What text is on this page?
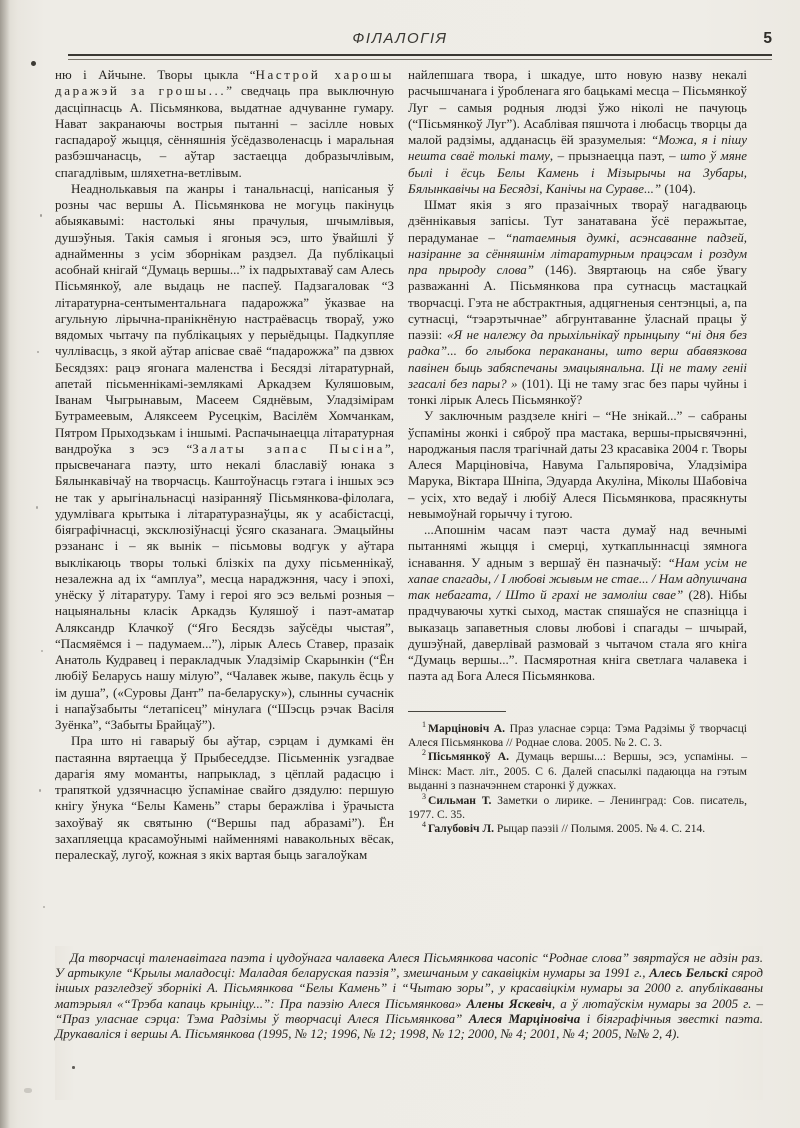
ФІЛАЛОГІЯ	5

ню і Айчыне. Творы цыкла “Настрой харошы даражэй за грошы...” сведчаць пра выключную дасціпнасць А. Пісьмянкова, выдатнае адчуванне гумару. Нават закранаючы вострыя пытанні – засілле новых гаспадароў жыцця, сённяшнія ўсёдазволенасць і маральная разбэшчанасць, – аўтар застаецца добразычлівым, спагадлівым, шляхетна-ветлівым.

Неаднолькавыя па жанры і танальнасці, напісаныя ў розны час вершы А. Пісьмянкова не могуць пакінуць абыякавымі: настолькі яны прачулыя, шчымлівыя, душэўныя. Такія самыя і ягоныя эсэ, што ўвайшлі ў аднайменны з усім зборнікам раздзел. Да публікацыі асобнай кнігай “Думаць вершы...” іх падрыхтаваў сам Алесь Пісьмянкоў, але выдаць не паспеў. Падзагаловак “З літаратурна-сентыментальнага падарожжа” ўказвае на агульную лірычна-пранікнёную настраёвасць твораў, ужо вядомых чытачу па публікацыях у перыёдыцы. Падкупляе чуллівасць, з якой аўтар апісвае сваё “падарожжа” па дзвюх Бесядзях: рацэ ягонага маленства і Бесядзі літаратурнай, апетай пісьменнікамі-землякамі Аркадзем Куляшовым, Іванам Чыгрынавым, Масеем Сяднёвым, Уладзімірам Бутрамеевым, Аляксеем Русецкім, Васілём Хомчанкам, Пятром Прыходзькам і іншымі. Распачынаецца літаратурная вандроўка з эсэ “Залаты запас Пысіна”, прысвечанага паэту, што некалі блаславіў юнака з Бялынкавічаў на творчасць. Каштоўнасць гэтага і іншых эсэ не так у арыгінальнасці назіранняў Пісьмянкова-філолага, удумлівага крытыка і літаратуразнаўцы, як у асабістасці, біяграфічнасці, эксклюзіўнасці ўсяго сказанага. Эмацыйны рэзананс і – як вынік – пісьмовы водгук у аўтара выклікаюць творы толькі блізкіх па духу пісьменнікаў, незалежна ад іх “амплуа”, месца нараджэння, часу і эпохі, унёску ў літаратуру. Таму і героі яго эсэ вельмі розныя – нацыянальны класік Аркадзь Куляшоў і паэт-аматар Аляксандр Клачкоў (“Яго Бесядзь заўсёды чыстая”, “Пасмяёмся і – падумаем...”), лірык Алесь Ставер, празаік Анатоль Кудравец і перакладчык Уладзімір Скарынкін (“Ён любіў Беларусь нашу мілую”, “Чалавек жыве, пакуль ёсць у ім душа”, («Суровы Дант” па-беларуску»), слынны сучаснік і напаўзабыты “летапісец” мінулага (“Шэсць рэчак Васіля Зуёнка”, “Забыты Брайцаў”).

Пра што ні гаварыў бы аўтар, сэрцам і думкамі ён пастаянна вяртаецца ў Прыбеседдзе. Пісьменнік узгадвае дарагія яму моманты, напрыклад, з цёплай радасцю і трапяткой удзячнасцю ўспамінае свайго дзядулю: першую кнігу ўнука “Белы Камень” стары беражліва і ўрачыста захоўваў як святыню (“Вершы пад абразамі”). Ён захапляецца красамоўнымі найменнямі навакольных вёсак, пералескаў, лугоў, кожная з якіх вартая быць загалоўкам

найлепшага твора, і шкадуе, што новую назву некалі расчышчанага і ўробленага яго бацькамі месца – Пісьмянкоў Луг – самыя родныя людзі ўжо ніколі не пачуюць (“Пісьмянкоў Луг”). Асаблівая пяшчота і любасць творцы да малой радзімы, адданасць ёй зразумелыя: “Можа, я і пішу нешта сваё толькі таму, – прызнаецца паэт, – што ў мяне былі і ёсць Белы Камень і Мізырычы на Зубары, Бялынкавічы на Бесядзі, Канічы на Сураве...” (104).

Шмат якія з яго празаічных твораў нагадваюць дзённікавыя запісы. Тут занатавана ўсё перажытае, перадуманае – “патаемныя думкі, асэнсаванне падзей, назіранне за сённяшнім літаратурным працэсам і роздум пра прыроду слова” (146). Звяртаюць на сябе ўвагу разважанні А. Пісьмянкова пра сутнасць мастацкай творчасці. Гэта не абстрактныя, адцягненыя сентэнцыі, а, па сутнасці, “тэарэтычнае” абгрунтаванне ўласнай працы ў паэзіі: «Я не належу да прыхільнікаў прынцыпу “ні дня без радка”... бо глыбока перакананы, што верш абавязкова павінен быць забяспечаны эмацыянальна. Ці не таму геніі згасалі без пары? » (101). Ці не таму згас без пары чуйны і тонкі лірык Алесь Пісьмянкоў?

У заключным раздзеле кнігі – “Не знікай...” – сабраны ўспаміны жонкі і сяброў пра мастака, вершы-прысвячэнні, народжаныя пасля трагічнай даты 23 красавіка 2004 г. Творы Алеся Марціновіча, Навума Гальпяровіча, Уладзіміра Марука, Віктара Шніпа, Эдуарда Акуліна, Міколы Шабовіча – усіх, хто ведаў і любіў Алеся Пісьмянкова, прасякнуты невымоўнай горыччу і тугою.

...Апошнім часам паэт часта думаў над вечнымі пытаннямі жыцця і смерці, хуткаплыннасці зямнога існавання. У адным з вершаў ён пазначыў: “Нам усім не хапае спагады, / І любові жывым не стае... / Нам адпушчана так небагата, / Што й грахі не замоліш свае” (28). Нібы прадчуваючы хуткі сыход, мастак спяшаўся не спазніцца і выказаць запаветныя словы любові і спагады – шчырай, душэўнай, даверлівай размовай з чытачом стала яго кніга “Думаць вершы...”. Пасмяротная кніга светлага чалавека і паэта ад Бога Алеся Пісьмянкова.

$^1$ Марціновіч А. Праз уласнае сэрца: Тэма Радзімы ў творчасці Алеся Пісьмянкова // Роднае слова. 2005. № 2. С. 3.

$^2$ Пісьмянкоў А. Думаць вершы...: Вершы, эсэ, успаміны. – Мінск: Маст. літ., 2005. С 6. Далей спасылкі падаюцца на гэтым выданні з пазначэннем старонкі ў дужках.

$^3$ Сильман Т. Заметки о лирике. – Ленинград: Сов. писатель, 1977. С. 35.

$^4$ Галубовіч Л. Рыцар паэзіі // Полымя. 2005. № 4. С. 214.

Да творчасці таленавітага паэта і цудоўнага чалавека Алеся Пісьмянкова часопіс “Роднае слова” звяртаўся не адзін раз. У артыкуле “Крылы маладосці: Маладая беларуская паэзія”, змешчаным у сакавіцкім нумары за 1991 г., Алесь Бельскі сярод іншых разгледзеў зборнікі А. Пісьмянкова “Белы Камень” і “Чытаю зоры”, у красавіцкім нумары за 2000 г. апублікаваны матэрыял «“Трэба капаць крыніцу...”: Пра паэзію Алеся Пісьмянкова» Алены Яскевіч, а ў лютаўскім нумары за 2005 г. – “Праз уласнае сэрца: Тэма Радзімы ў творчасці Алеся Пісьмянкова” Алеся Марціновіча і біяграфічныя звесткі паэта. Друкаваліся і вершы А. Пісьмянкова (1995, № 12; 1996, № 12; 1998, № 12; 2000, № 4; 2001, № 4; 2005, №№ 2, 4).
